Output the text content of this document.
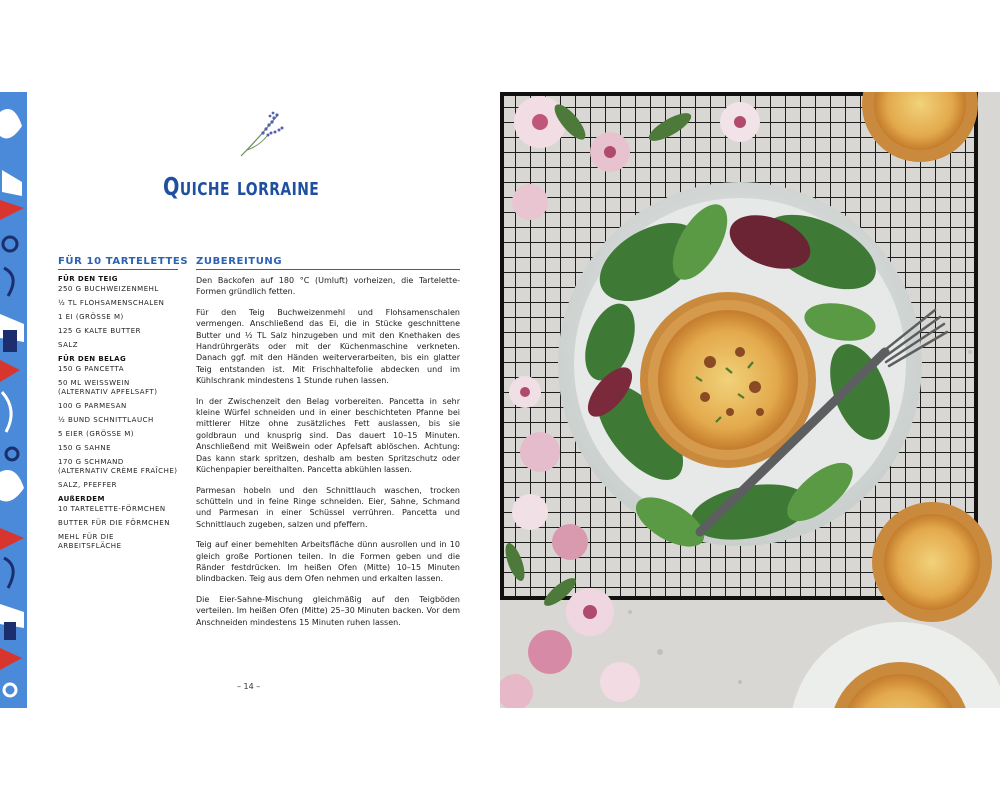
Quiche lorraine
FÜR 10 TARTELETTES
FÜR DEN TEIG
250 G BUCHWEIZENMEHL
½ TL FLOHSAMENSCHALEN
1 EI (GRÖSSE M)
125 G KALTE BUTTER
SALZ
FÜR DEN BELAG
150 G PANCETTA
50 ML WEISSWEIN
(ALTERNATIV APFELSAFT)
100 G PARMESAN
½ BUND SCHNITTLAUCH
5 EIER (GRÖSSE M)
150 G SAHNE
170 G SCHMAND
(ALTERNATIV CRÈME FRAÎCHE)
SALZ, PFEFFER
AUßERDEM
10 TARTELETTE-FÖRMCHEN
BUTTER FÜR DIE FÖRMCHEN
MEHL FÜR DIE ARBEITSFLÄCHE
ZUBEREITUNG

Den Backofen auf 180 °C (Umluft) vorheizen, die Tartelette-Formen gründlich fetten.

Für den Teig Buchweizenmehl und Flohsamenschalen vermengen. Anschließend das Ei, die in Stücke geschnittene Butter und ½ TL Salz hinzugeben und mit den Knethaken des Handrührgeräts oder mit der Küchenmaschine verkneten. Danach ggf. mit den Händen weiterverarbeiten, bis ein glatter Teig entstanden ist. Mit Frischhaltefolie abdecken und im Kühlschrank mindestens 1 Stunde ruhen lassen.

In der Zwischenzeit den Belag vorbereiten. Pancetta in sehr kleine Würfel schneiden und in einer beschichteten Pfanne bei mittlerer Hitze ohne zusätzliches Fett auslassen, bis sie goldbraun und knusprig sind. Das dauert 10–15 Minuten. Anschließend mit Weißwein oder Apfelsaft ablöschen. Achtung: Das kann stark spritzen, deshalb am besten Spritzschutz oder Küchenpapier bereithalten. Pancetta abkühlen lassen.

Parmesan hobeln und den Schnittlauch waschen, trocken schütteln und in feine Ringe schneiden. Eier, Sahne, Schmand und Parmesan in einer Schüssel verrühren. Pancetta und Schnittlauch zugeben, salzen und pfeffern.

Teig auf einer bemehlten Arbeitsfläche dünn ausrollen und in 10 gleich große Portionen teilen. In die Formen geben und die Ränder festdrücken. Im heißen Ofen (Mitte) 10–15 Minuten blindbacken. Teig aus dem Ofen nehmen und erkalten lassen.

Die Eier-Sahne-Mischung gleichmäßig auf den Teigböden verteilen. Im heißen Ofen (Mitte) 25–30 Minuten backen. Vor dem Anschneiden mindestens 15 Minuten ruhen lassen.

– 14 –
